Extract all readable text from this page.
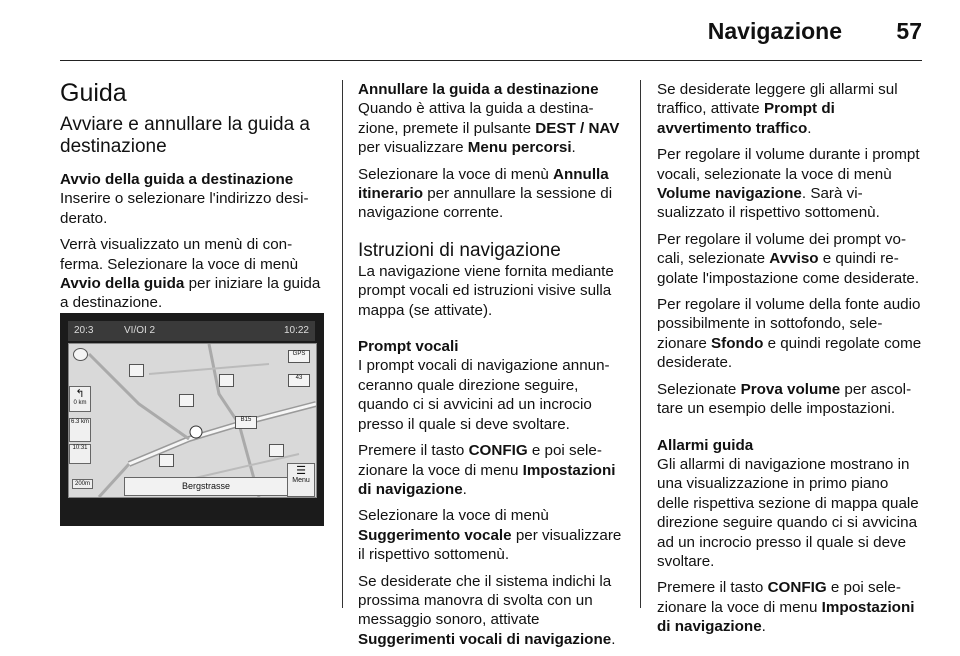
Navigazione 57
Guida
Avviare e annullare la guida a destinazione
Avvio della guida a destinazione

Inserire o selezionare l'indirizzo desiderato.

Verrà visualizzato un menù di conferma. Selezionare la voce di menù Avvio della guida per iniziare la guida a destinazione.

20:3	VI/OI 2	10:22
↰
0 km
6.3 km
10:31
GPS
43
B15
200m	Bergstrasse
☰
Menu
Annullare la guida a destinazione

Quando è attiva la guida a destinazione, premete il pulsante DEST / NAV per visualizzare Menu percorsi.

Selezionare la voce di menù Annulla itinerario per annullare la sessione di navigazione corrente.

Istruzioni di navigazione

La navigazione viene fornita mediante prompt vocali ed istruzioni visive sulla mappa (se attivate).

Prompt vocali

I prompt vocali di navigazione annunceranno quale direzione seguire, quando ci si avvicini ad un incrocio presso il quale si deve svoltare.

Premere il tasto CONFIG e poi selezionare la voce di menu Impostazioni di navigazione.

Selezionare la voce di menù Suggerimento vocale per visualizzare il rispettivo sottomenù.

Se desiderate che il sistema indichi la prossima manovra di svolta con un messaggio sonoro, attivate Suggerimenti vocali di navigazione.

Se desiderate leggere gli allarmi sul traffico, attivate Prompt di avvertimento traffico.

Per regolare il volume durante i prompt vocali, selezionate la voce di menù Volume navigazione. Sarà visualizzato il rispettivo sottomenù.

Per regolare il volume dei prompt vocali, selezionate Avviso e quindi regolate l'impostazione come desiderate.

Per regolare il volume della fonte audio possibilmente in sottofondo, selezionare Sfondo e quindi regolate come desiderate.

Selezionate Prova volume per ascoltare un esempio delle impostazioni.

Allarmi guida

Gli allarmi di navigazione mostrano in una visualizzazione in primo piano delle rispettiva sezione di mappa quale direzione seguire quando ci si avvicina ad un incrocio presso il quale si deve svoltare.

Premere il tasto CONFIG e poi selezionare la voce di menu Impostazioni di navigazione.
